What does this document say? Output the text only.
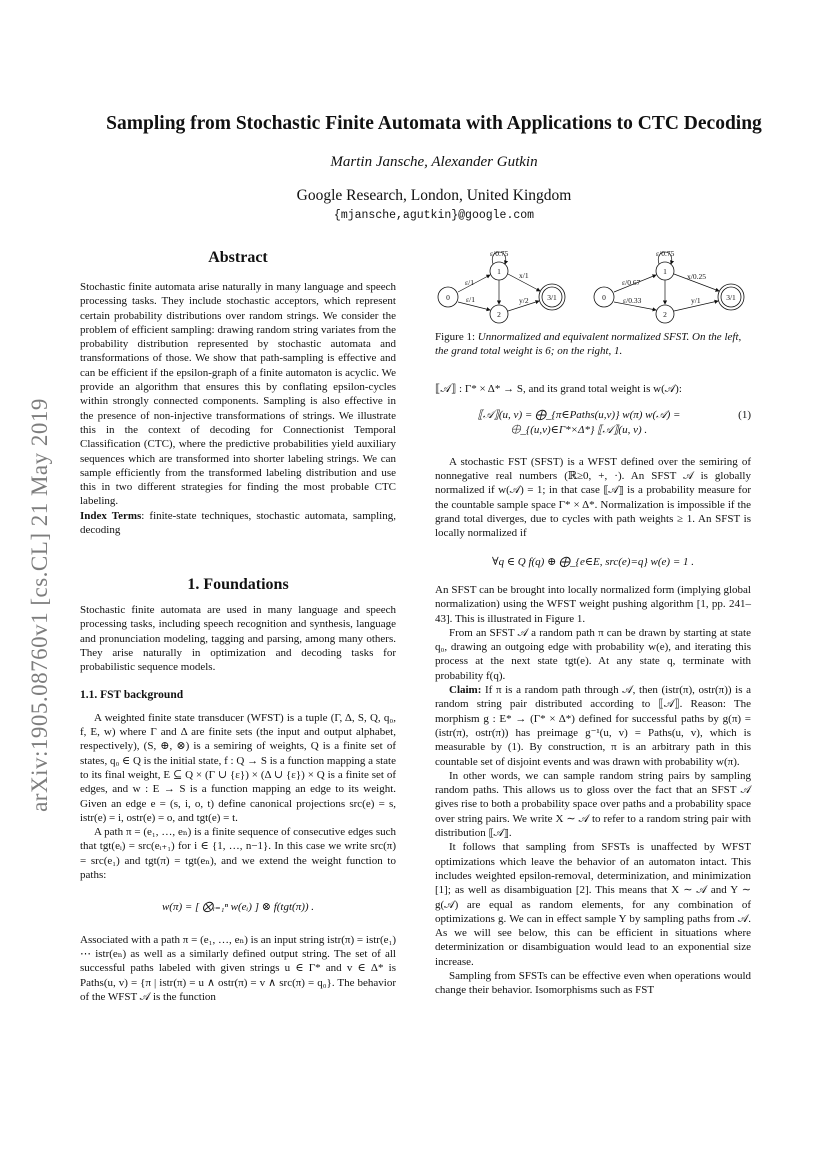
arXiv:1905.08760v1 [cs.CL] 21 May 2019
Sampling from Stochastic Finite Automata with Applications to CTC Decoding
Martin Jansche, Alexander Gutkin
Google Research, London, United Kingdom
{mjansche,agutkin}@google.com
Abstract

Stochastic finite automata arise naturally in many language and speech processing tasks. They include stochastic acceptors, which represent certain probability distributions over random strings. We consider the problem of efficient sampling: drawing random string variates from the probability distribution represented by stochastic automata and transformations of those. We show that path-sampling is effective and can be efficient if the epsilon-graph of a finite automaton is acyclic. We provide an algorithm that ensures this by conflating epsilon-cycles within strongly connected components. Sampling is also effective in the presence of non-injective transformations of strings. We illustrate this in the context of decoding for Connectionist Temporal Classification (CTC), where the predictive probabilities yield auxiliary sequences which are transformed into shorter labeling strings. We can sample efficiently from the transformed labeling distribution and use this in two different strategies for finding the most probable CTC labeling.

Index Terms: finite-state techniques, stochastic automata, sampling, decoding

1. Foundations

Stochastic finite automata are used in many language and speech processing tasks, including speech recognition and synthesis, language and pronunciation modeling, tagging and parsing, among many others. They arise naturally in optimization and decoding tasks for probabilistic sequence models.

1.1. FST background

A weighted finite state transducer (WFST) is a tuple (Γ, Δ, S, Q, q₀, f, E, w) where Γ and Δ are finite sets (the input and output alphabet, respectively), (S, ⊕, ⊗) is a semiring of weights, Q is a finite set of states, q₀ ∈ Q is the initial state, f : Q → S is a function mapping a state to its final weight, E ⊆ Q × (Γ ∪ {ε}) × (Δ ∪ {ε}) × Q is a finite set of edges, and w : E → S is a function mapping an edge to its weight. Given an edge e = (s, i, o, t) define canonical projections src(e) = s, istr(e) = i, ostr(e) = o, and tgt(e) = t.

A path π = (e₁, …, eₙ) is a finite sequence of consecutive edges such that tgt(eᵢ) = src(eᵢ₊₁) for i ∈ {1, …, n−1}. In this case we write src(π) = src(e₁) and tgt(π) = tgt(eₙ), and we extend the weight function to paths:

w(π) = [ ⨂ᵢ₌₁ⁿ w(eᵢ) ] ⊗ f(tgt(π)) .

Associated with a path π = (e₁, …, eₙ) is an input string istr(π) = istr(e₁) ⋯ istr(eₙ) as well as a similarly defined output string. The set of all successful paths labeled with given strings u ∈ Γ* and v ∈ Δ* is Paths(u, v) = {π | istr(π) = u ∧ ostr(π) = v ∧ src(π) = q₀}. The behavior of the WFST 𝒜 is the function

0
1
2
3/1
ε/1
ε/1
ε/0.75
x/1
y/2	0
1
2
3/1
ε/0.67
ε/0.33
ε/0.75
x/0.25
y/1
Figure 1: Unnormalized and equivalent normalized SFST. On the left, the grand total weight is 6; on the right, 1.

⟦𝒜⟧ : Γ* × Δ* → S, and its grand total weight is w(𝒜):

⟦𝒜⟧(u, v) = ⨁_{π∈Paths(u,v)} w(π) w(𝒜) = ⨁_{(u,v)∈Γ*×Δ*} ⟦𝒜⟧(u, v) .
(1)

A stochastic FST (SFST) is a WFST defined over the semiring of nonnegative real numbers (ℝ≥0, +, ·). An SFST 𝒜 is globally normalized if w(𝒜) = 1; in that case ⟦𝒜⟧ is a probability measure for the countable sample space Γ* × Δ*. Normalization is impossible if the grand total diverges, due to cycles with path weights ≥ 1. An SFST is locally normalized if

∀q ∈ Q f(q) ⊕ ⨁_{e∈E, src(e)=q} w(e) = 1 .

An SFST can be brought into locally normalized form (implying global normalization) using the WFST weight pushing algorithm [1, pp. 241–43]. This is illustrated in Figure 1.

From an SFST 𝒜 a random path π can be drawn by starting at state q₀, drawing an outgoing edge with probability w(e), and iterating this process at the next state tgt(e). At any state q, terminate with probability f(q).

Claim: If π is a random path through 𝒜, then (istr(π), ostr(π)) is a random string pair distributed according to ⟦𝒜⟧. Reason: The morphism g : E* → (Γ* × Δ*) defined for successful paths by g(π) = (istr(π), ostr(π)) has preimage g⁻¹(u, v) = Paths(u, v), which is measurable by (1). By construction, π is an arbitrary path in this countable set of disjoint events and was drawn with probability w(π).

In other words, we can sample random string pairs by sampling random paths. This allows us to gloss over the fact that an SFST 𝒜 gives rise to both a probability space over paths and a probability space over string pairs. We write X ∼ 𝒜 to refer to a random string pair with distribution ⟦𝒜⟧.

It follows that sampling from SFSTs is unaffected by WFST optimizations which leave the behavior of an automaton intact. This includes weighted epsilon-removal, determinization, and minimization [1]; as well as disambiguation [2]. This means that X ∼ 𝒜 and Y ∼ g(𝒜) are equal as random elements, for any combination of optimizations g. We can in effect sample Y by sampling paths from 𝒜. As we will see below, this can be efficient in situations where determinization or disambiguation would lead to an exponential size increase.

Sampling from SFSTs can be effective even when operations would change their behavior. Isomorphisms such as FST
